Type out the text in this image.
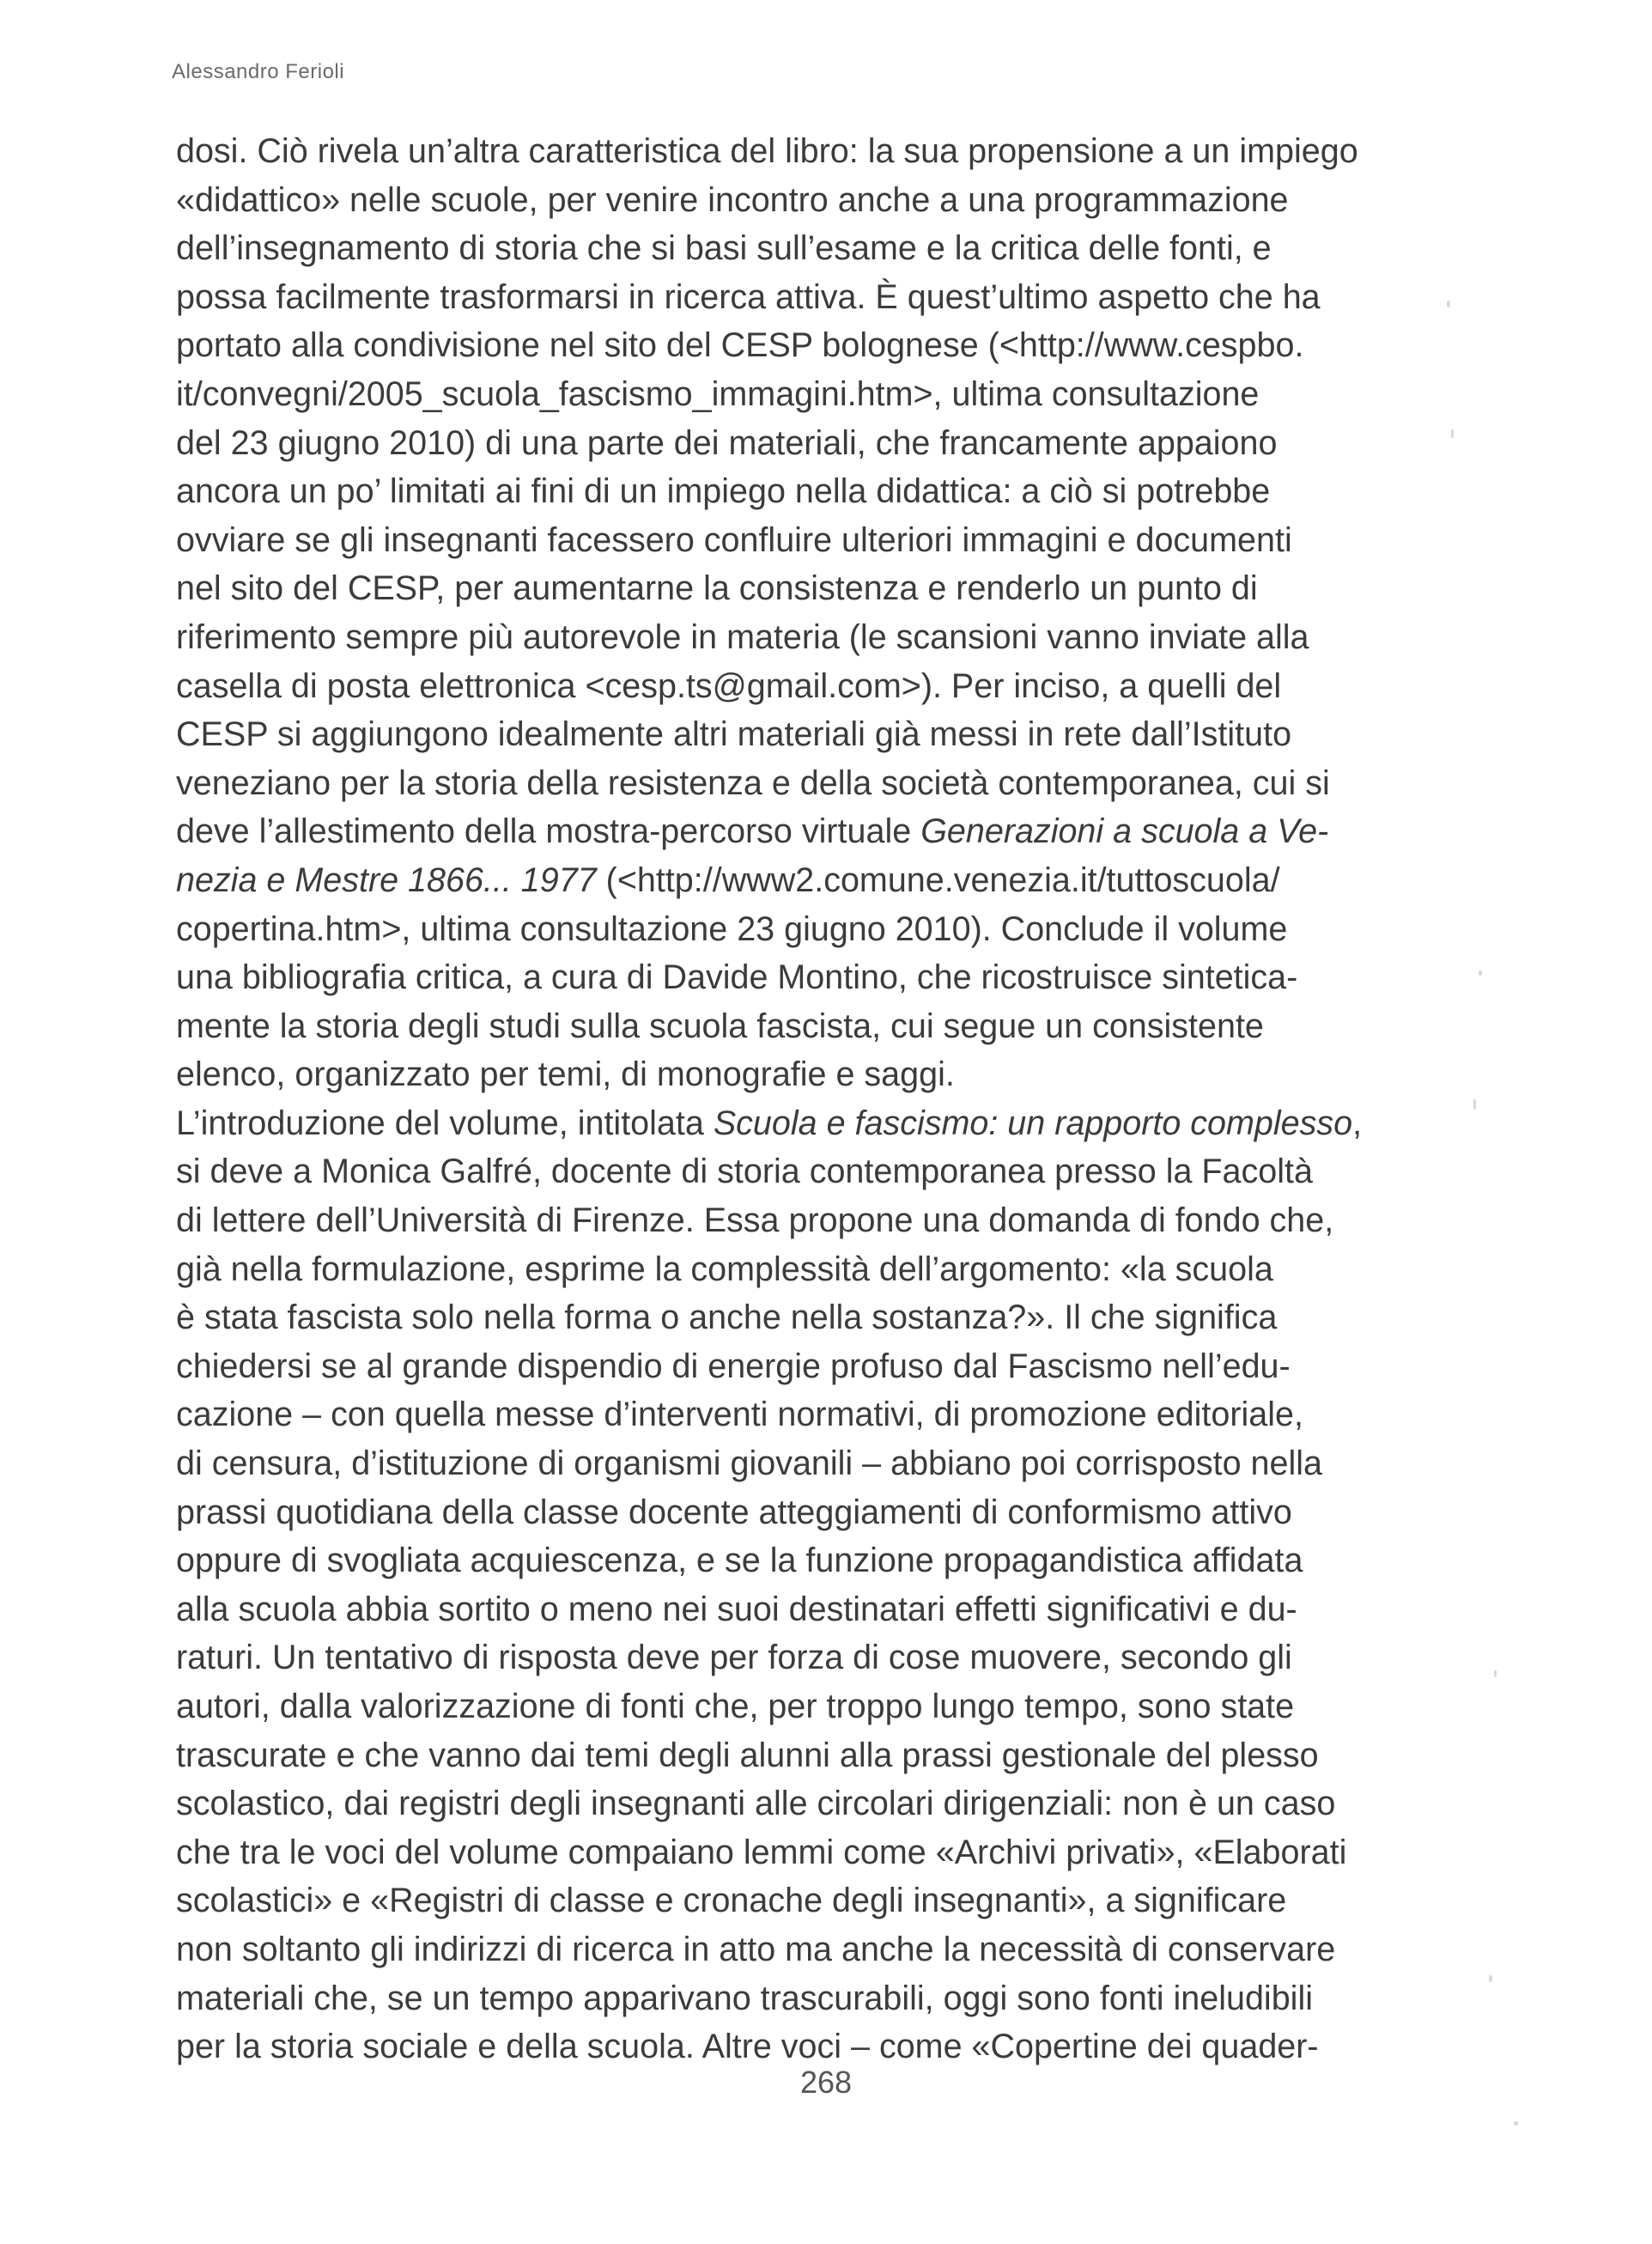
Alessandro Ferioli
dosi. Ciò rivela un’altra caratteristica del libro: la sua propensione a un impiego
«didattico» nelle scuole, per venire incontro anche a una programmazione
dell’insegnamento di storia che si basi sull’esame e la critica delle fonti, e
possa facilmente trasformarsi in ricerca attiva. È quest’ultimo aspetto che ha
portato alla condivisione nel sito del CESP bolognese (<http://www.cespbo.
it/convegni/2005_scuola_fascismo_immagini.htm>, ultima consultazione
del 23 giugno 2010) di una parte dei materiali, che francamente appaiono
ancora un po’ limitati ai fini di un impiego nella didattica: a ciò si potrebbe
ovviare se gli insegnanti facessero confluire ulteriori immagini e documenti
nel sito del CESP, per aumentarne la consistenza e renderlo un punto di
riferimento sempre più autorevole in materia (le scansioni vanno inviate alla
casella di posta elettronica <cesp.ts@gmail.com>). Per inciso, a quelli del
CESP si aggiungono idealmente altri materiali già messi in rete dall’Istituto
veneziano per la storia della resistenza e della società contemporanea, cui si
deve l’allestimento della mostra-percorso virtuale Generazioni a scuola a Ve-
nezia e Mestre 1866... 1977 (<http://www2.comune.venezia.it/tuttoscuola/
copertina.htm>, ultima consultazione 23 giugno 2010). Conclude il volume
una bibliografia critica, a cura di Davide Montino, che ricostruisce sintetica-
mente la storia degli studi sulla scuola fascista, cui segue un consistente
elenco, organizzato per temi, di monografie e saggi.
L’introduzione del volume, intitolata Scuola e fascismo: un rapporto complesso,
si deve a Monica Galfré, docente di storia contemporanea presso la Facoltà
di lettere dell’Università di Firenze. Essa propone una domanda di fondo che,
già nella formulazione, esprime la complessità dell’argomento: «la scuola
è stata fascista solo nella forma o anche nella sostanza?». Il che significa
chiedersi se al grande dispendio di energie profuso dal Fascismo nell’edu-
cazione – con quella messe d’interventi normativi, di promozione editoriale,
di censura, d’istituzione di organismi giovanili – abbiano poi corrisposto nella
prassi quotidiana della classe docente atteggiamenti di conformismo attivo
oppure di svogliata acquiescenza, e se la funzione propagandistica affidata
alla scuola abbia sortito o meno nei suoi destinatari effetti significativi e du-
raturi. Un tentativo di risposta deve per forza di cose muovere, secondo gli
autori, dalla valorizzazione di fonti che, per troppo lungo tempo, sono state
trascurate e che vanno dai temi degli alunni alla prassi gestionale del plesso
scolastico, dai registri degli insegnanti alle circolari dirigenziali: non è un caso
che tra le voci del volume compaiano lemmi come «Archivi privati», «Elaborati
scolastici» e «Registri di classe e cronache degli insegnanti», a significare
non soltanto gli indirizzi di ricerca in atto ma anche la necessità di conservare
materiali che, se un tempo apparivano trascurabili, oggi sono fonti ineludibili
per la storia sociale e della scuola. Altre voci – come «Copertine dei quader-
268
